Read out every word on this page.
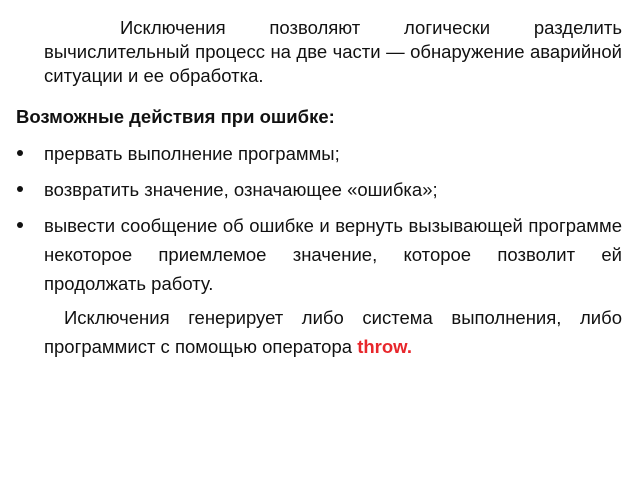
Исключения позволяют логически разделить вычислительный процесс на две части — обнаружение аварийной ситуации и ее обработка.

Возможные действия при ошибке:

прервать выполнение программы;
возвратить значение, означающее «ошибка»;
вывести сообщение об ошибке и вернуть вызывающей программе некоторое приемлемое значение, которое позволит ей продолжать работу.

Исключения генерирует либо система выполнения, либо программист с помощью оператора throw.
